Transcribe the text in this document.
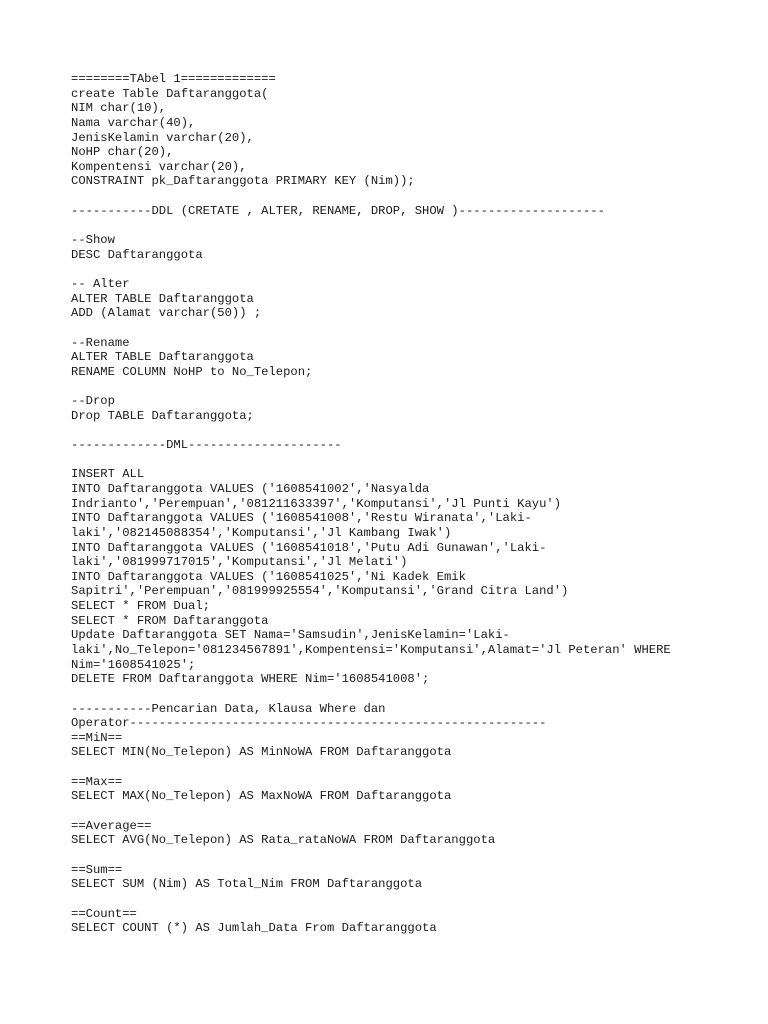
========TAbel 1=============
create Table Daftaranggota(
NIM char(10),
Nama varchar(40),
JenisKelamin varchar(20),
NoHP char(20),
Kompentensi varchar(20),
CONSTRAINT pk_Daftaranggota PRIMARY KEY (Nim));
-----------DDL (CRETATE , ALTER, RENAME, DROP, SHOW )--------------------
--Show
DESC Daftaranggota
-- Alter
ALTER TABLE Daftaranggota
ADD (Alamat varchar(50)) ;
--Rename
ALTER TABLE Daftaranggota
RENAME COLUMN NoHP to No_Telepon;
--Drop
Drop TABLE Daftaranggota;
-------------DML---------------------
INSERT ALL
INTO Daftaranggota VALUES ('1608541002','Nasyalda
Indrianto','Perempuan','081211633397','Komputansi','Jl Punti Kayu')
INTO Daftaranggota VALUES ('1608541008','Restu Wiranata','Laki-
laki','082145088354','Komputansi','Jl Kambang Iwak')
INTO Daftaranggota VALUES ('1608541018','Putu Adi Gunawan','Laki-
laki','081999717015','Komputansi','Jl Melati')
INTO Daftaranggota VALUES ('1608541025','Ni Kadek Emik
Sapitri','Perempuan','081999925554','Komputansi','Grand Citra Land')
SELECT * FROM Dual;
SELECT * FROM Daftaranggota
Update Daftaranggota SET Nama='Samsudin',JenisKelamin='Laki-
laki',No_Telepon='081234567891',Kompentensi='Komputansi',Alamat='Jl Peteran' WHERE
Nim='1608541025';
DELETE FROM Daftaranggota WHERE Nim='1608541008';
-----------Pencarian Data, Klausa Where dan
Operator---------------------------------------------------------
==MiN==
SELECT MIN(No_Telepon) AS MinNoWA FROM Daftaranggota
==Max==
SELECT MAX(No_Telepon) AS MaxNoWA FROM Daftaranggota
==Average==
SELECT AVG(No_Telepon) AS Rata_rataNoWA FROM Daftaranggota
==Sum==
SELECT SUM (Nim) AS Total_Nim FROM Daftaranggota
==Count==
SELECT COUNT (*) AS Jumlah_Data From Daftaranggota
